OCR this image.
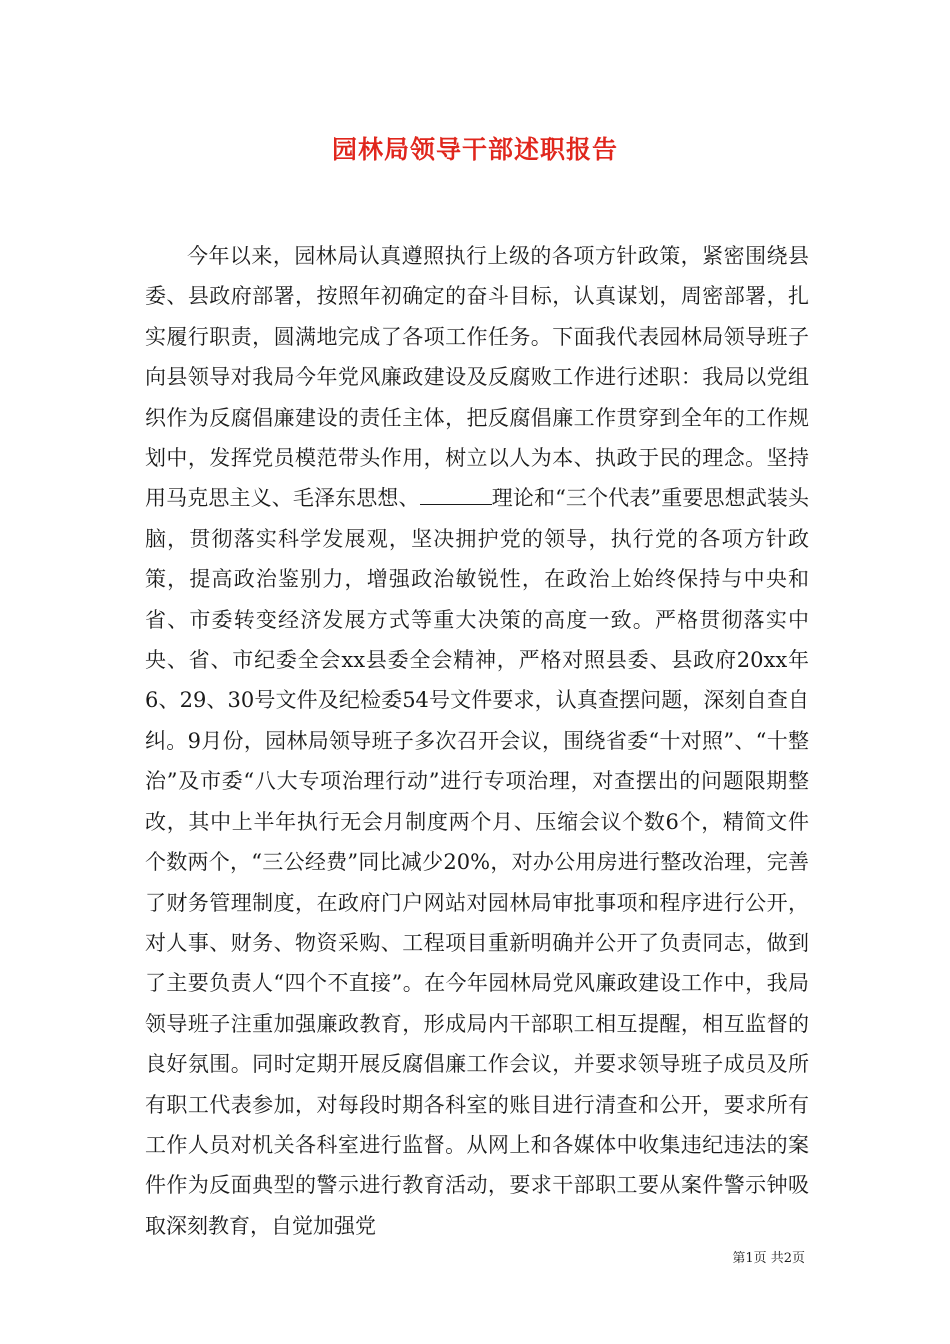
园林局领导干部述职报告

今年以来，园林局认真遵照执行上级的各项方针政策，紧密围绕县委、县政府部署，按照年初确定的奋斗目标，认真谋划，周密部署，扎实履行职责，圆满地完成了各项工作任务。下面我代表园林局领导班子向县领导对我局今年党风廉政建设及反腐败工作进行述职：我局以党组织作为反腐倡廉建设的责任主体，把反腐倡廉工作贯穿到全年的工作规划中，发挥党员模范带头作用，树立以人为本、执政于民的理念。坚持用马克思主义、毛泽东思想、	理论和“三个代表”重要思想武装头脑，贯彻落实科学发展观，坚决拥护党的领导，执行党的各项方针政策，提高政治鉴别力，增强政治敏锐性，在政治上始终保持与中央和省、市委转变经济发展方式等重大决策的高度一致。严格贯彻落实中央、省、市纪委全会xx县委全会精神，严格对照县委、县政府20xx年6、29、30号文件及纪检委54号文件要求，认真查摆问题，深刻自查自纠。9月份，园林局领导班子多次召开会议，围绕省委“十对照”、“十整治”及市委“八大专项治理行动”进行专项治理，对查摆出的问题限期整改，其中上半年执行无会月制度两个月、压缩会议个数6个，精简文件个数两个，“三公经费”同比减少20%，对办公用房进行整改治理，完善了财务管理制度，在政府门户网站对园林局审批事项和程序进行公开，对人事、财务、物资采购、工程项目重新明确并公开了负责同志，做到了主要负责人“四个不直接”。在今年园林局党风廉政建设工作中，我局领导班子注重加强廉政教育，形成局内干部职工相互提醒，相互监督的良好氛围。同时定期开展反腐倡廉工作会议，并要求领导班子成员及所有职工代表参加，对每段时期各科室的账目进行清查和公开，要求所有工作人员对机关各科室进行监督。从网上和各媒体中收集违纪违法的案件作为反面典型的警示进行教育活动，要求干部职工要从案件警示钟吸取深刻教育，自觉加强党

第1页 共2页
